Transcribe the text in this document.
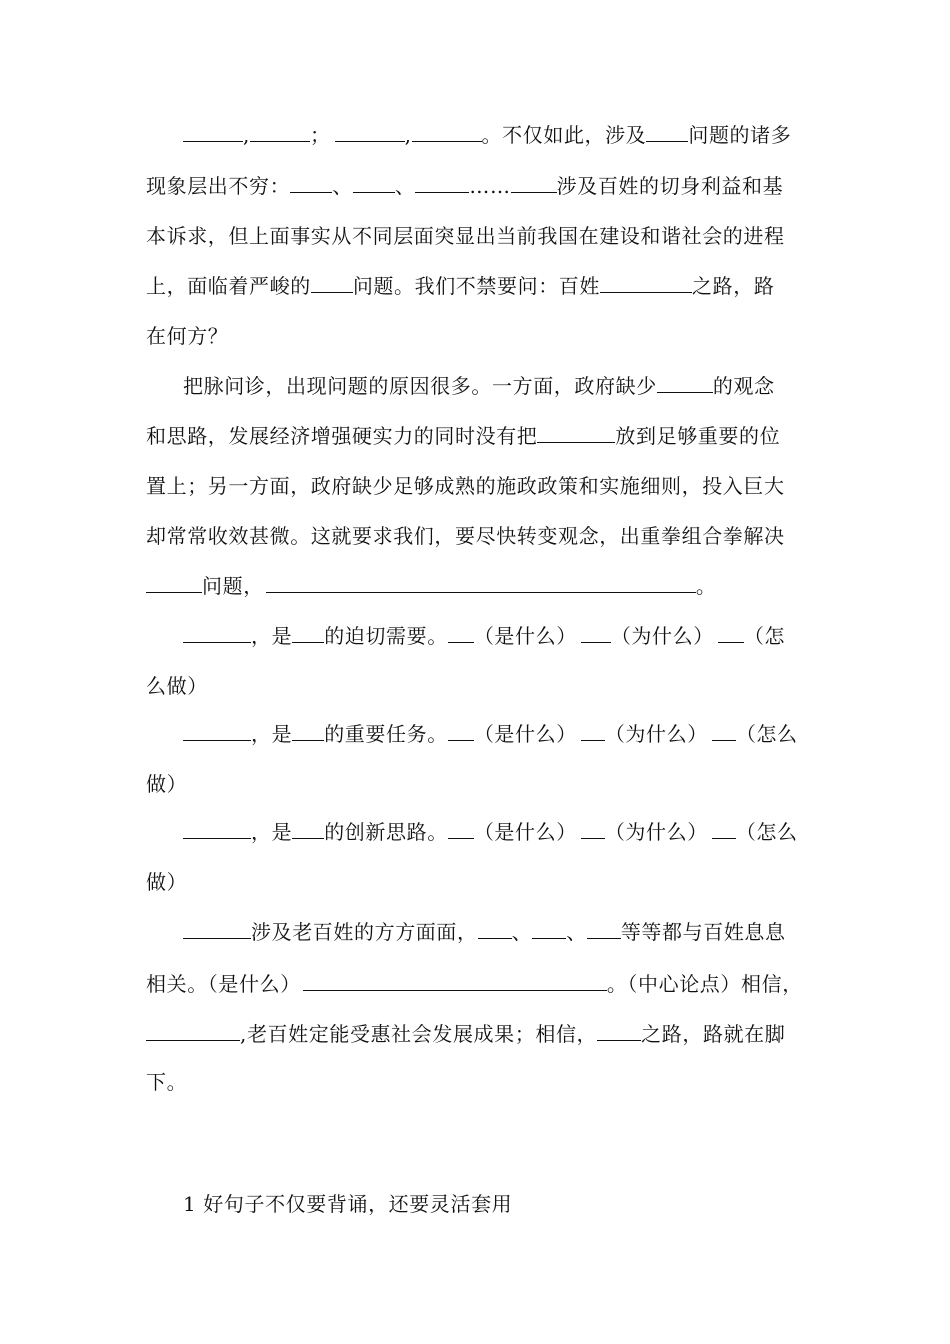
,	；	,	。不仅如此，涉及 问题的诸多
现象层出不穷： 、 、	…… 涉及百姓的切身利益和基
本诉求，但上面事实从不同层面突显出当前我国在建设和谐社会的进程
上，面临着严峻的 问题。我们不禁要问：百姓	之路，路
在何方？
把脉问诊，出现问题的原因很多。一方面，政府缺少	的观念
和思路，发展经济增强硬实力的同时没有把	放到足够重要的位
置上；另一方面，政府缺少足够成熟的施政政策和实施细则，投入巨大
却常常收效甚微。这就要求我们，要尽快转变观念，出重拳组合拳解决
问题，	。
，是 的迫切需要。 （是什么） （为什么） （怎
么做）
，是 的重要任务。 （是什么） （为什么） （怎么
做）
，是 的创新思路。 （是什么） （为什么） （怎么
做）
涉及老百姓的方方面面， 、 、 等等都与百姓息息
相关。（是什么）	。（中心论点）相信，
,老百姓定能受惠社会发展成果；相信， 之路，路就在脚
下。
1 好句子不仅要背诵，还要灵活套用
